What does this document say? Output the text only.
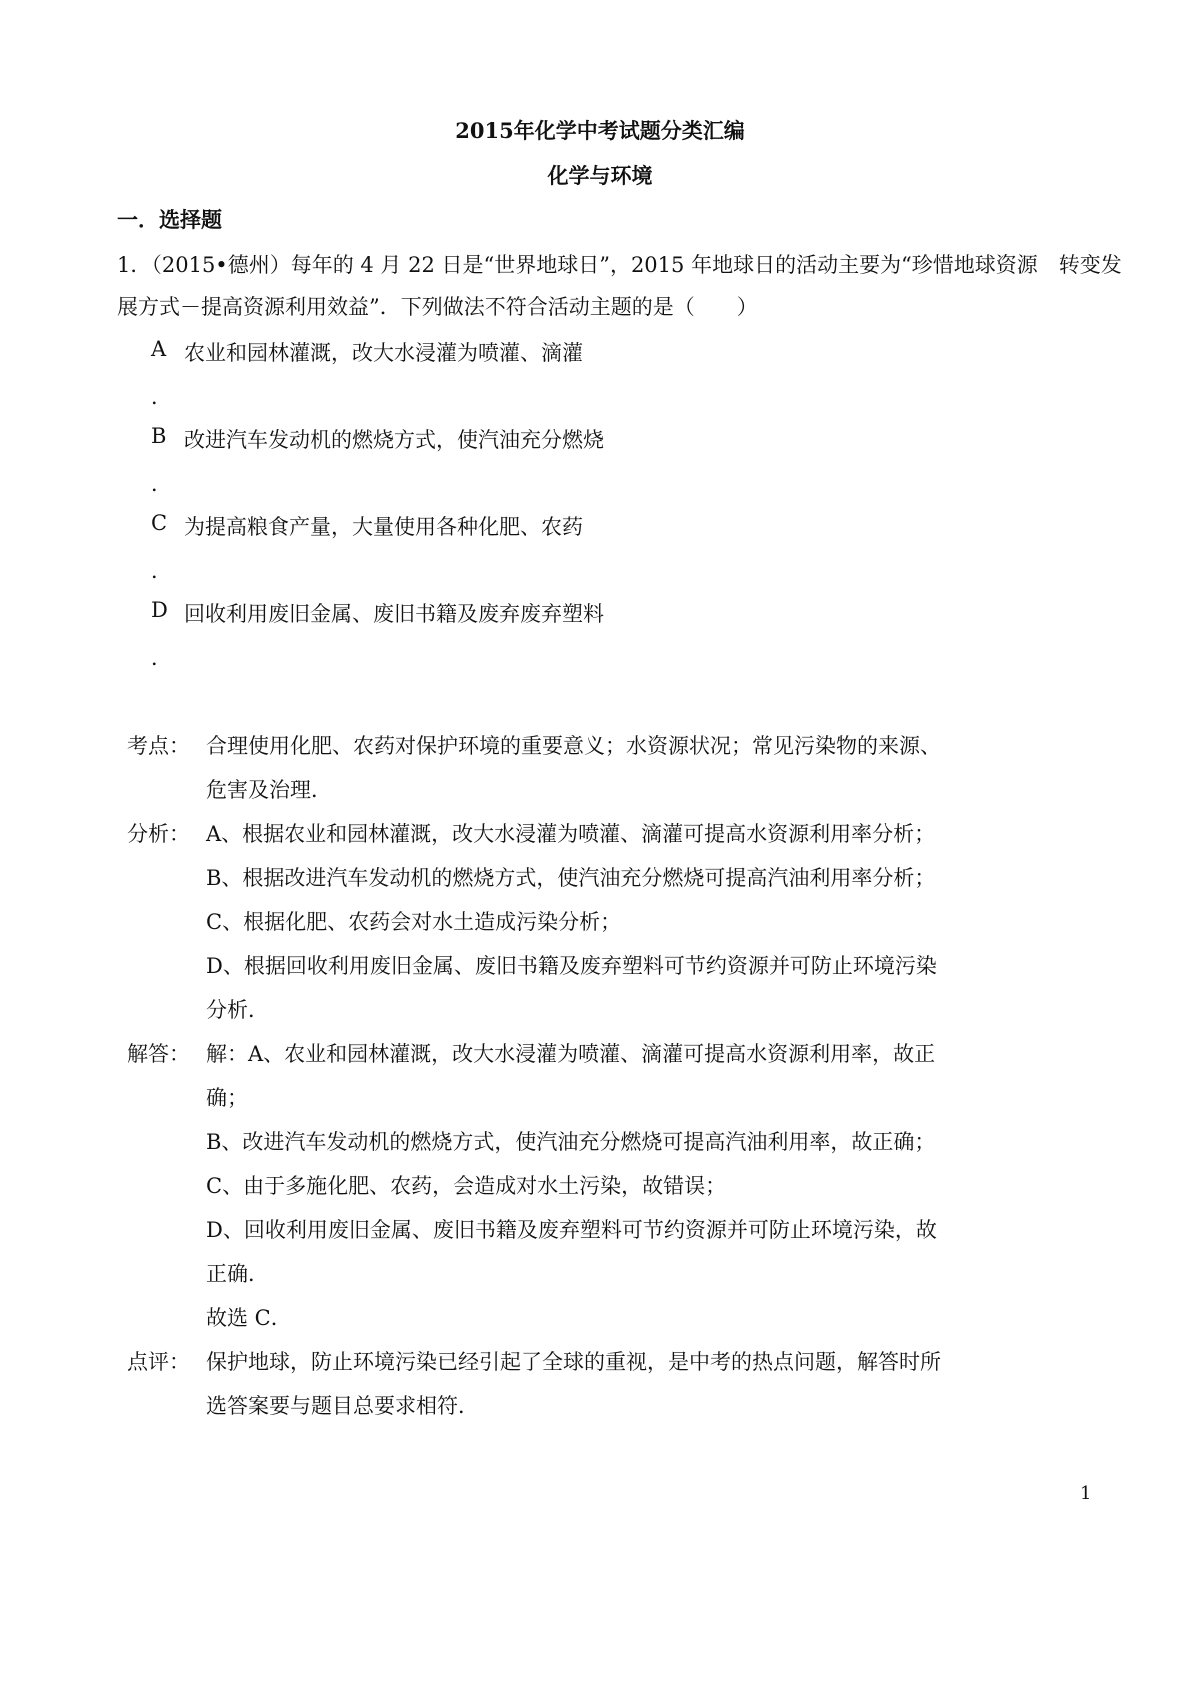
2015年化学中考试题分类汇编
化学与环境
一．选择题
1．（2015•德州）每年的 4 月 22 日是“世界地球日”，2015 年地球日的活动主要为“珍惜地球资源　转变发
展方式－提高资源利用效益”．下列做法不符合活动主题的是（　　）
A 农业和园林灌溉，改大水浸灌为喷灌、滴灌
．
B 改进汽车发动机的燃烧方式，使汽油充分燃烧
．
C 为提高粮食产量，大量使用各种化肥、农药
．
D 回收利用废旧金属、废旧书籍及废弃废弃塑料
．
考点： 合理使用化肥、农药对保护环境的重要意义；水资源状况；常见污染物的来源、
危害及治理．
分析： A、根据农业和园林灌溉，改大水浸灌为喷灌、滴灌可提高水资源利用率分析；
B、根据改进汽车发动机的燃烧方式，使汽油充分燃烧可提高汽油利用率分析；
C、根据化肥、农药会对水土造成污染分析；
D、根据回收利用废旧金属、废旧书籍及废弃塑料可节约资源并可防止环境污染
分析．
解答： 解：A、农业和园林灌溉，改大水浸灌为喷灌、滴灌可提高水资源利用率，故正
确；
B、改进汽车发动机的燃烧方式，使汽油充分燃烧可提高汽油利用率，故正确；
C、由于多施化肥、农药，会造成对水土污染，故错误；
D、回收利用废旧金属、废旧书籍及废弃塑料可节约资源并可防止环境污染，故
正确．
故选 C．
点评： 保护地球，防止环境污染已经引起了全球的重视，是中考的热点问题，解答时所
选答案要与题目总要求相符．
1
